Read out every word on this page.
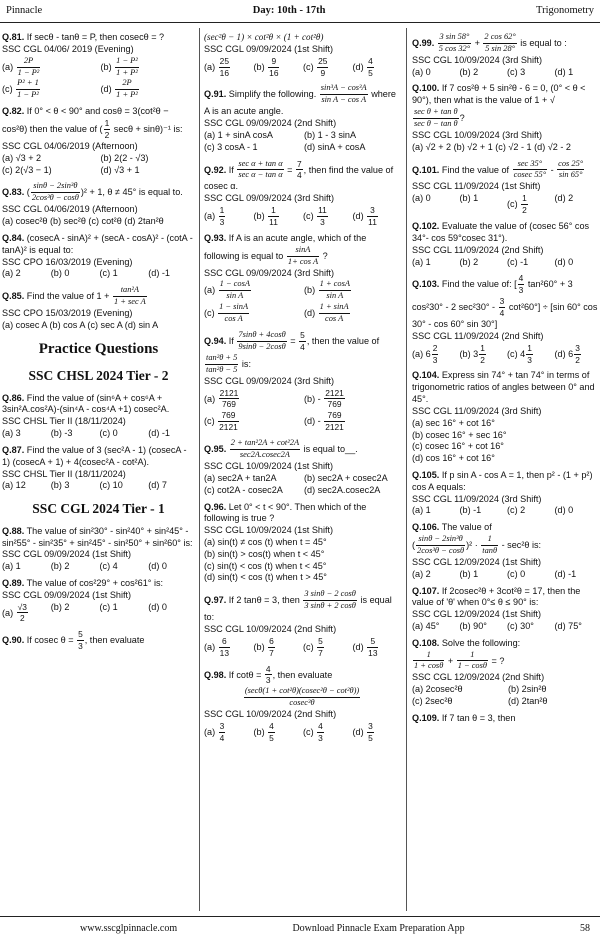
Pinnacle	Day: 10th - 17th	Trigonometry
Q.81. If secθ - tanθ = P, then cosecθ = ?
SSC CGL 04/06/ 2019 (Evening)
$(a) \frac{2P}{\text{1 − P²}}$	$(b) \frac{\text{1 − P²}}{\text{1 + P²}}$
$(c) \frac{\text{P² + 1}}{\text{1 − P²}}$	$(d) \frac{2P}{\text{1 + P²}}$
Q.82. If 0° < θ < 90° and cosθ = 3(cot²θ − cos²θ) then the value of ( $\frac{1}{2}$ secθ + sinθ)⁻¹ is:
SSC CGL 04/06/2019 (Afternoon)
(a) √3 + 2	(b) 2(2 - √3)
(c) 2(√3 − 1)	(d) √3 + 1
Q.83. ( $\frac{\text{sinθ − 2sin³θ}}{\text{2cos³θ − cosθ}} )^2 + 1$, θ ≠ 45° is equal to.
SSC CGL 04/06/2019 (Afternoon)
(a) cosec²θ (b) sec²θ (c) cot²θ (d) 2tan²θ
Q.84. (cosecA - sinA)² + (secA - cosA)² - (cotA - tanA)² is equal to:
SSC CPO 16/03/2019 (Evening)
(a) 2	(b) 0	(c) 1	(d) -1
Q.85. Find the value of $1 + \frac{\text{tan²A}}{\text{1 + sec A}}$
SSC CPO 15/03/2019 (Evening)
(a) cosec A (b) cos A (c) sec A (d) sin A
Practice Questions
SSC CHSL 2024 Tier - 2
Q.86. Find the value of (sin⁶A + cos⁶A + 3sin²A.cos²A)-(sin⁴A - cos⁴A +1) cosec²A.
SSC CHSL Tier II (18/11/2024)
(a) 3	(b) -3	(c) 0	(d) -1
Q.87. Find the value of 3 (sec²A - 1) (cosecA - 1) (cosecA + 1) + 4(cosec²A - cot²A).
SSC CHSL Tier II (18/11/2024)
(a) 12	(b) 3	(c) 10	(d) 7
SSC CGL 2024 Tier - 1
Q.88. The value of sin²30° - sin²40° + sin²45° - sin²55° - sin²35° + sin²45° - sin²50° + sin²60° is:
SSC CGL 09/09/2024 (1st Shift)
(a) 1	(b) 2	(c) 4	(d) 0
Q.89. The value of cos²29° + cos²61° is:
SSC CGL 09/09/2024 (1st Shift)
$(a) \frac{√3}{2}$	(b) 2	(c) 1	(d) 0
Q.90. If cosec $\theta = \frac{5}{3}$ , then evaluate
(sec²θ − 1) × cot²θ × (1 + cot²θ)
SSC CGL 09/09/2024 (1st Shift)
$(a) \frac{25}{16}$	$(b) \frac{9}{16}$	$(c) \frac{25}{9}$	$(d) \frac{4}{5}$
Q.91. Simplify the following. $\frac{\text{sin³A − cos³A}}{\text{sin A − cos A}}$ where A is an acute angle.
SSC CGL 09/09/2024 (2nd Shift)
(a) 1 + sinA cosA	(b) 1 - 3 sinA
(c) 3 cosA - 1	(d) sinA + cosA
Q.92. If $\frac{\text{sec α + tan α}}{\text{sec α − tan α}} = \frac{7}{4}$ , then find the value of cosec α.
SSC CGL 09/09/2024 (3rd Shift)
$(a) \frac{1}{3}$	$(b) \frac{1}{11}$	$(c) \frac{11}{3}$	$(d) \frac{3}{11}$
Q.93. If A is an acute angle, which of the following is equal to $\frac{\sin A}{\text{1+ cos A}}$ ?
SSC CGL 09/09/2024 (3rd Shift)
$(a) \frac{1 - \cos A}{\text{sin A}}$	$(b) \frac{1 + \cos A}{\text{sin A}}$
$(c) \frac{1 - \sin A}{\text{cos A}}$	$(d) \frac{1 + \sin A}{\text{cos A}}$
Q.94. If $\frac{7\sin\theta + 4\cos\theta}{9\sin\theta - 2\cos\theta} = \frac{5}{4}$ , then the value of
$\frac{\text{tan²θ + 5}}{\text{tan²θ − 5}}$ is:
SSC CGL 09/09/2024 (3rd Shift)
$(a) \frac{2121}{769}$	$(b) - \frac{2121}{769}$
$(c) \frac{769}{2121}$	$(d) - \frac{769}{2121}$
Q.95. $\frac{\text{2 + tan²2A + cot²2A}}{\sec 2A.cosec2A}$ is equal to__.
SSC CGL 10/09/2024 (1st Shift)
(a) sec2A + tan2A	(b) sec2A + cosec2A
(c) cot2A - cosec2A	(d) sec2A.cosec2A
Q.96. Let 0° < t < 90°. Then which of the following is true ?
SSC CGL 10/09/2024 (1st Shift)
(a) sin(t) ≠ cos (t) when t = 45°
(b) sin(t) > cos(t) when t < 45°
(c) sin(t) < cos (t) when t < 45°
(d) sin(t) < cos (t) when t > 45°
Q.97. If 2 tanθ = 3, then $\frac{3 \sin\theta - 2 \cos\theta}{3 \sin\theta + 2 \cos\theta}$ is equal to:
SSC CGL 10/09/2024 (2nd Shift)
$(a) \frac{6}{13}$	$(b) \frac{6}{7}$	$(c) \frac{5}{7}$	$(d) \frac{5}{13}$
Q.98. If $\cot\theta = \frac{4}{3}$ , then evaluate
$\frac{\text{(secθ(1 + cot²θ)(cosec²θ − cot²θ))}}{\text{cosec³θ}}$
SSC CGL 10/09/2024 (2nd Shift)
$(a) \frac{3}{4}$	$(b) \frac{4}{5}$	$(c) \frac{4}{3}$	$(d) \frac{3}{5}$
Q.99. $\frac{3 \sin 58^\circ}{5 \cos 32^\circ} + \frac{2 \cos 62^\circ}{5 \sin 28^\circ}$ is equal to :
SSC CGL 10/09/2024 (3rd Shift)
(a) 0	(b) 2	(c) 3	(d) 1
Q.100. If 7 cos²θ + 5 sin²θ - 6 = 0, (0° < θ < 90°), then what is the value of 1 + √
$\frac{\text{sec θ + tan θ}}{\text{sec θ − tan θ}}$ ?
SSC CGL 10/09/2024 (3rd Shift)
(a) √2 + 2 (b) √2 + 1 (c) √2 - 1 (d) √2 - 2
Q.101. Find the value of $\frac{\sec 35^\circ}{cosec 55^\circ} - \frac{\cos 25^\circ}{\sin 65^\circ}$
SSC CGL 11/09/2024 (1st Shift)
(a) 0	(b) 1
$(c) \frac{1}{2}$	(d) 2
Q.102. Evaluate the value of (cosec 56° cos 34°- cos 59°cosec 31°).
SSC CGL 11/09/2024 (2nd Shift)
(a) 1	(b) 2	(c) -1	(d) 0
Q.103. Find the value of: [ $\frac{4}{3} \tan^260^\circ + 3$ cos²30° - 2 $\sec^230^\circ - \frac{3}{4} \cot^260^\circ] \div [\sin$ 60° cos 30° - cos 60° sin 30°]
SSC CGL 11/09/2024 (2nd Shift)
(a) $6 \frac{2}{3} (b)$ $3 \frac{1}{2} (c)$ $4 \frac{1}{3} (d)$ $6 \frac{3}{2}$
Q.104. Express sin 74° + tan 74° in terms of trigonometric ratios of angles between 0° and 45°.
SSC CGL 11/09/2024 (3rd Shift)
(a) sec 16° + cot 16°
(b) cosec 16° + sec 16°
(c) cosec 16° + cot 16°
(d) cos 16° + cot 16°
Q.105. If p sin A - cos A = 1, then p² - (1 + p²) cos A equals:
SSC CGL 11/09/2024 (3rd Shift)
(a) 1	(b) -1	(c) 2	(d) 0
Q.106. The value of
( $\frac{\text{sinθ − 2sin³θ}}{\text{2cos³θ − cosθ}} )^2 \cdot \frac{1}{\tan\theta} - \sec^2\theta$ is:
SSC CGL 12/09/2024 (1st Shift)
(a) 2	(b) 1	(c) 0	(d) -1
Q.107. If 2cosec²θ + 3cot²θ = 17, then the value of 'θ' when 0°≤ θ ≤ 90° is:
SSC CGL 12/09/2024 (1st Shift)
(a) 45°	(b) 90°	(c) 30°	(d) 75°
Q.108. Solve the following:

$\frac{1}{1 + \cos\theta} + \frac{1}{1 - \cos\theta}$ = ?
SSC CGL 12/09/2024 (2nd Shift)
(a) 2cosec²θ	(b) 2sin²θ
(c) 2sec²θ	(d) 2tan²θ
Q.109. If 7 tan θ = 3, then
www.sscglpinnacle.com	Download Pinnacle Exam Preparation App	58
